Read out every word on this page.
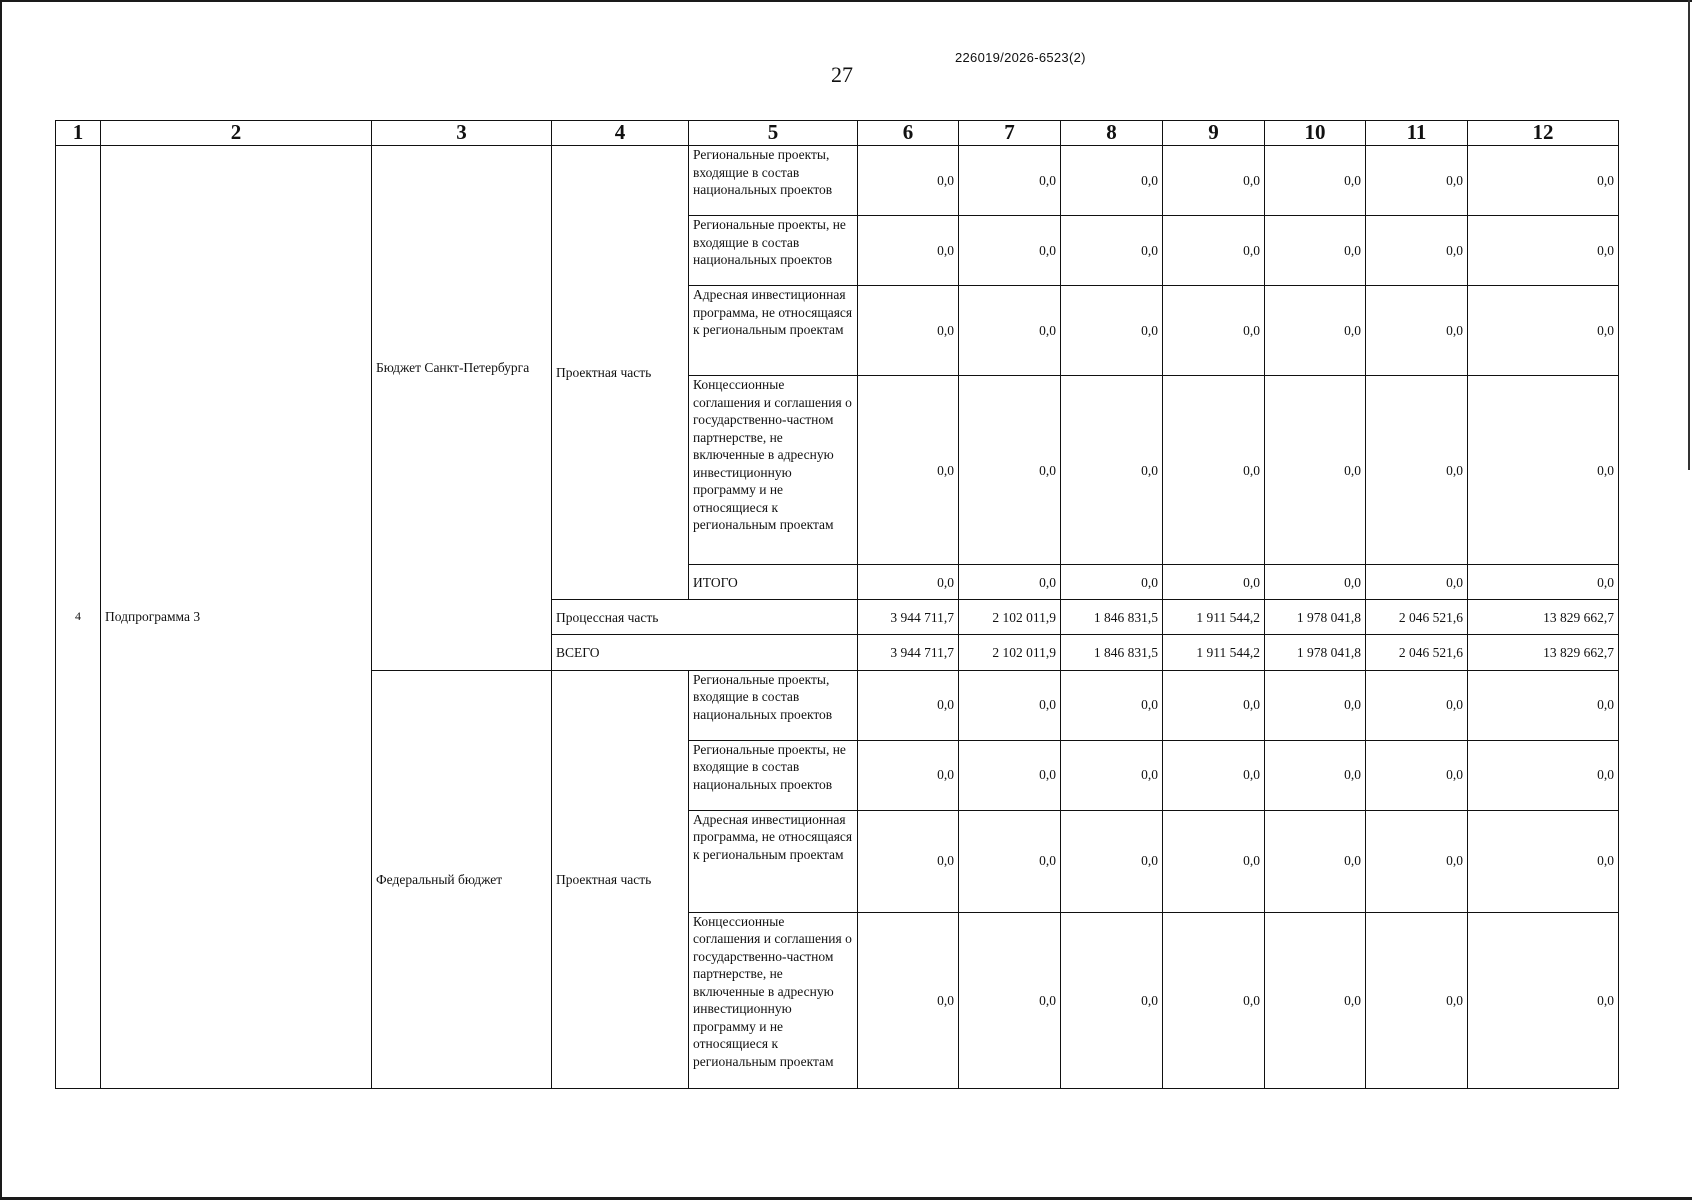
226019/2026-6523(2)
27
1	2	3	4	5	6	7	8	9	10	11	12
4	Подпрограмма 3	Бюджет Санкт-Петербурга	Проектная часть	Региональные проекты, входящие в состав национальных проектов	0,0	0,0	0,0	0,0	0,0	0,0	0,0
				Региональные проекты, не входящие в состав национальных проектов	0,0	0,0	0,0	0,0	0,0	0,0	0,0
				Адресная инвестиционная программа, не относящаяся к региональным проектам	0,0	0,0	0,0	0,0	0,0	0,0	0,0
				Концессионные соглашения и соглашения о государственно-частном партнерстве, не включенные в адресную инвестиционную программу и не относящиеся к региональным проектам	0,0	0,0	0,0	0,0	0,0	0,0	0,0
				ИТОГО	0,0	0,0	0,0	0,0	0,0	0,0	0,0
			Процессная часть		3 944 711,7	2 102 011,9	1 846 831,5	1 911 544,2	1 978 041,8	2 046 521,6	13 829 662,7
			ВСЕГО		3 944 711,7	2 102 011,9	1 846 831,5	1 911 544,2	1 978 041,8	2 046 521,6	13 829 662,7
		Федеральный бюджет	Проектная часть	Региональные проекты, входящие в состав национальных проектов	0,0	0,0	0,0	0,0	0,0	0,0	0,0
				Региональные проекты, не входящие в состав национальных проектов	0,0	0,0	0,0	0,0	0,0	0,0	0,0
				Адресная инвестиционная программа, не относящаяся к региональным проектам	0,0	0,0	0,0	0,0	0,0	0,0	0,0
				Концессионные соглашения и соглашения о государственно-частном партнерстве, не включенные в адресную инвестиционную программу и не относящиеся к региональным проектам	0,0	0,0	0,0	0,0	0,0	0,0	0,0
